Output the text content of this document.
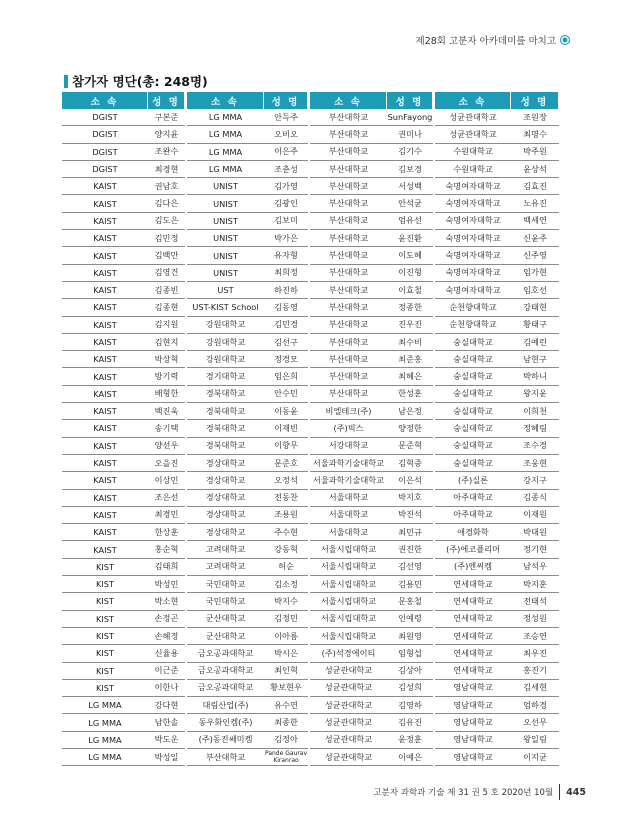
제28회 고분자 아카데미를 마치고
참가자 명단(총: 248명)
소 속	성 명		소 속	성 명		소 속	성 명		소 속	성 명
DGIST	구본준		LG MMA	안득주		부산대학교	SunFayong		성균관대학교	조원장
DGIST	양지윤		LG MMA	오비오		부산대학교	권미나		성균관대학교	최명수
DGIST	조완수		LG MMA	이은주		부산대학교	김기수		수원대학교	박주원
DGIST	최경현		LG MMA	조춘성		부산대학교	김보경		수원대학교	윤상석
KAIST	권남호		UNIST	김가영		부산대학교	서성백		숙명여자대학교	김효진
KAIST	김다은		UNIST	김광인		부산대학교	안석균		숙명여자대학교	노유진
KAIST	김도은		UNIST	김보미		부산대학교	엄유선		숙명여자대학교	백세연
KAIST	김민정		UNIST	박가은		부산대학교	윤진환		숙명여자대학교	신윤주
KAIST	김백만		UNIST	유자형		부산대학교	이도혜		숙명여자대학교	신주영
KAIST	김영건		UNIST	최희정		부산대학교	이진형		숙명여자대학교	임가현
KAIST	김종빈		UST	하진하		부산대학교	이효철		숙명여자대학교	임호선
KAIST	김종현		UST-KIST School	김동영		부산대학교	정종한		순천향대학교	강태현
KAIST	김지원		강원대학교	김민경		부산대학교	진우진		순천향대학교	황태구
KAIST	김현지		강원대학교	김선구		부산대학교	최수비		숭실대학교	김예린
KAIST	박상혁		강원대학교	정경모		부산대학교	최준홍		숭실대학교	남현구
KAIST	방기력		경기대학교	임은희		부산대학교	최혜은		숭실대학교	박하니
KAIST	배형한		경북대학교	안수민		부산대학교	한성훈		숭실대학교	왕지윤
KAIST	백진욱		경북대학교	이동윤		비엘테크(주)	남은정		숭실대학교	이희천
KAIST	송기택		경북대학교	이재빈		(주)빅스	양정한		숭실대학교	정혜림
KAIST	양선우		경북대학교	이향무		서강대학교	문준혁		숭실대학교	조수경
KAIST	오을진		경상대학교	문준호		서울과학기술대학교	김혁중		숭실대학교	조웅현
KAIST	이상민		경상대학교	오정석		서울과학기술대학교	이은석		(주)실론	강지구
KAIST	조은선		경상대학교	전동찬		서울대학교	박지호		아주대학교	김종식
KAIST	최경민		경상대학교	조용원		서울대학교	박진석		아주대학교	이재원
KAIST	한상훈		경상대학교	주수현		서울대학교	최민규		애경화학	박대원
KAIST	홍순혁		고려대학교	강동혁		서울시립대학교	권진한		(주)에코플리머	정기현
KIST	김태희		고려대학교	허순		서울시립대학교	김선영		(주)엔씨켐	남석우
KIST	박성민		국민대학교	김소정		서울시립대학교	김용민		연세대학교	박지훈
KIST	박소현		국민대학교	박지수		서울시립대학교	문홍철		연세대학교	전태석
KIST	손정곤		군산대학교	김정민		서울시립대학교	인예령		연세대학교	정성원
KIST	손혜정		군산대학교	이아름		서울시립대학교	최원영		연세대학교	조승연
KIST	신율용		금오공과대학교	박시은		(주)석경에이티	임형섭		연세대학교	최우진
KIST	이근준		금오공과대학교	최인혁		성균관대학교	김상아		연세대학교	홍진기
KIST	이한나		금오공과대학교	황보현우		성균관대학교	김성희		영남대학교	김세현
LG MMA	강다현		대림산업(주)	유수연		성균관대학교	김영하		영남대학교	엄하경
LG MMA	남한솔		동우화인켐(주)	최종한		성균관대학교	김유진		영남대학교	오선무
LG MMA	박도운		(주)동진쎄미켐	김정아		성균관대학교	윤정훈		영남대학교	왕일림
LG MMA	박성일		부산대학교	Pande Gaurav Kiranrao		성균관대학교	이예은		영남대학교	이지균
고분자 과학과 기술 제 31 권 5 호 2020년 10월 445
